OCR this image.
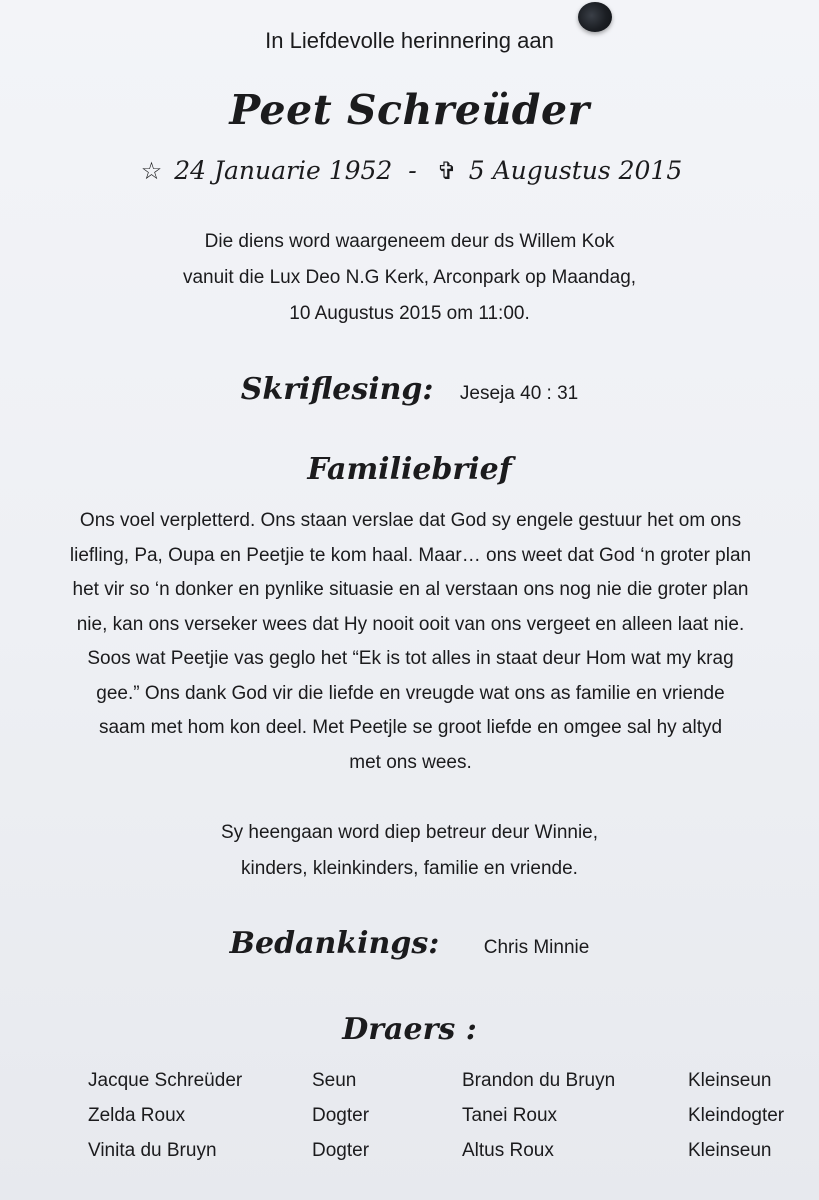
In Liefdevolle herinnering aan
Peet Schreüder
☆ 24 Januarie 1952 - ✞ 5 Augustus 2015
Die diens word waargeneem deur ds Willem Kok
vanuit die Lux Deo N.G Kerk, Arconpark op Maandag,
10 Augustus 2015 om 11:00.
Skriflesing: Jeseja 40 : 31
Familiebrief
Ons voel verpletterd. Ons staan verslae dat God sy engele gestuur het om ons
liefling, Pa, Oupa en Peetjie te kom haal. Maar… ons weet dat God ‘n groter plan
het vir so ‘n donker en pynlike situasie en al verstaan ons nog nie die groter plan
nie, kan ons verseker wees dat Hy nooit ooit van ons vergeet en alleen laat nie.
Soos wat Peetjie vas geglo het “Ek is tot alles in staat deur Hom wat my krag
gee.” Ons dank God vir die liefde en vreugde wat ons as familie en vriende
saam met hom kon deel. Met Peetjle se groot liefde en omgee sal hy altyd
met ons wees.
Sy heengaan word diep betreur deur Winnie,
kinders, kleinkinders, familie en vriende.
Bedankings: Chris Minnie
Draers :
Jacque Schreüder	Seun	Brandon du Bruyn	Kleinseun
Zelda Roux	Dogter	Tanei Roux	Kleindogter
Vinita du Bruyn	Dogter	Altus Roux	Kleinseun
